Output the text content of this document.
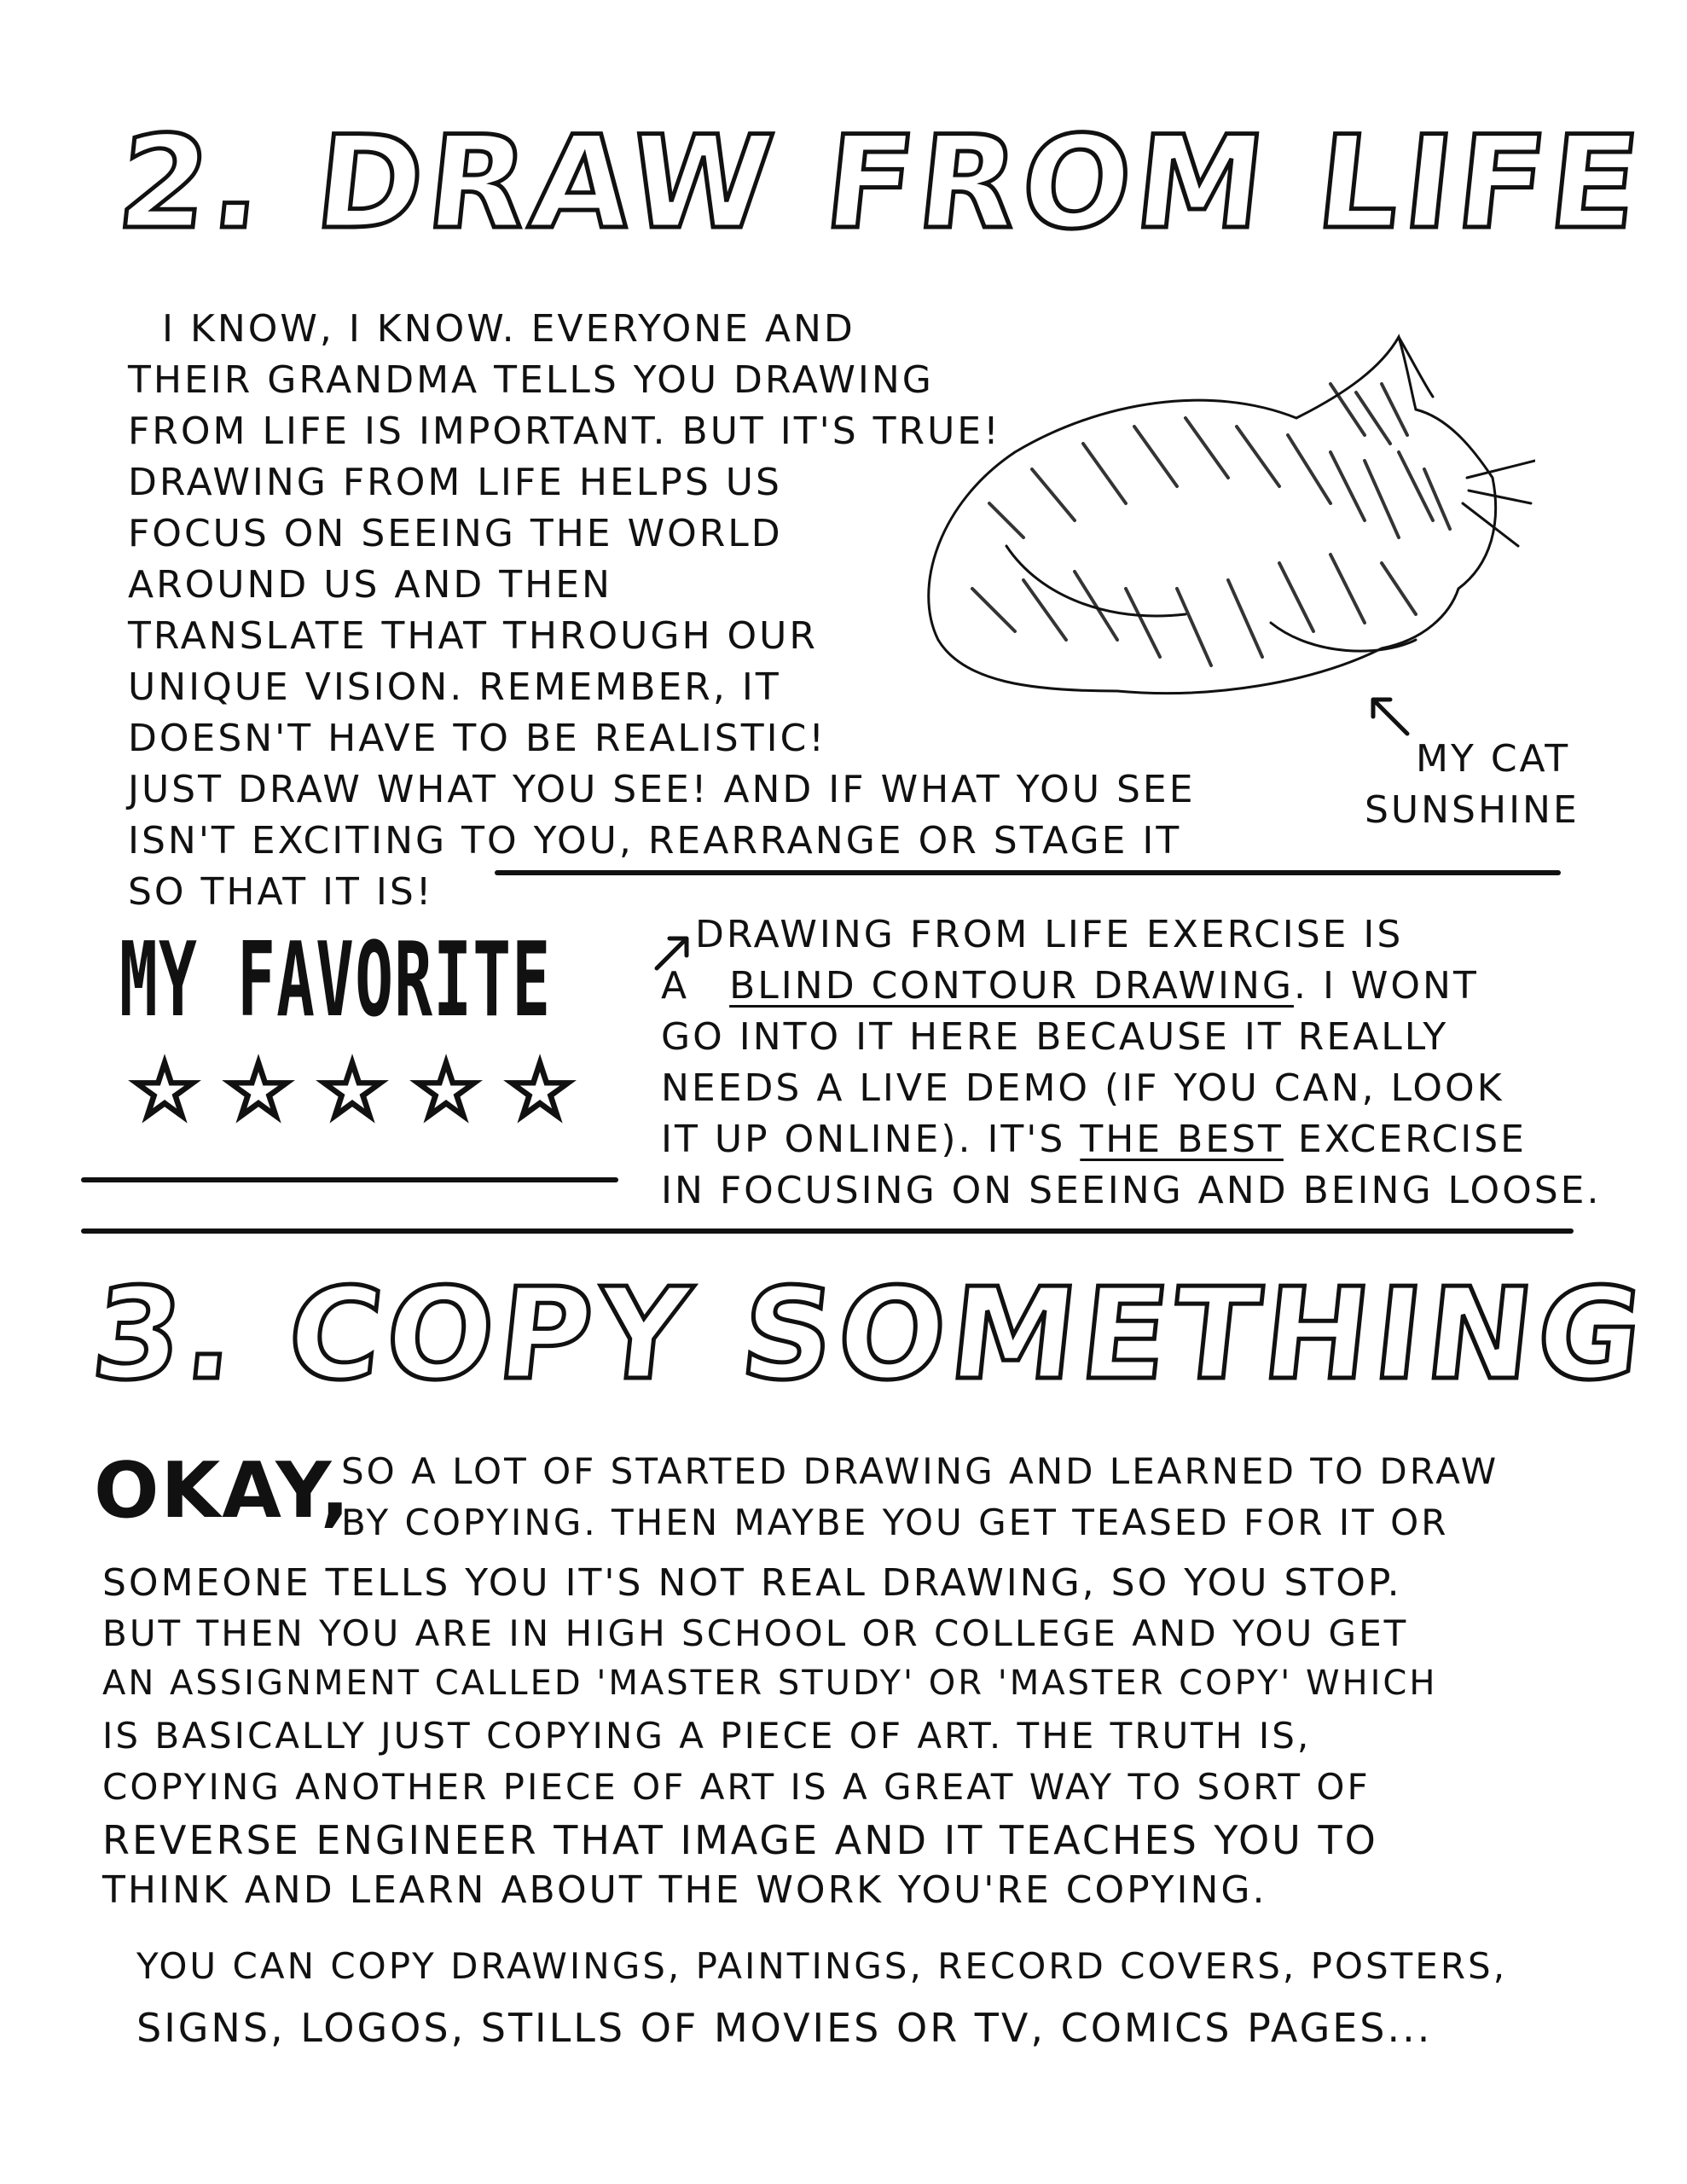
2. DRAW FROM LIFE
I KNOW, I KNOW. EVERYONE AND
THEIR GRANDMA TELLS YOU DRAWING
FROM LIFE IS IMPORTANT. BUT IT'S TRUE!
DRAWING FROM LIFE HELPS US
FOCUS ON SEEING THE WORLD
AROUND US AND THEN
TRANSLATE THAT THROUGH OUR
UNIQUE VISION. REMEMBER, IT
DOESN'T HAVE TO BE REALISTIC!
JUST DRAW WHAT YOU SEE! AND IF WHAT YOU SEE
ISN'T EXCITING TO YOU, REARRANGE OR STAGE IT
SO THAT IT IS!
MY CAT
SUNSHINE
MY FAVORITE
☆ ☆ ☆ ☆ ☆
DRAWING FROM LIFE EXERCISE IS
A BLIND CONTOUR DRAWING. I WONT
GO INTO IT HERE BECAUSE IT REALLY
NEEDS A LIVE DEMO (IF YOU CAN, LOOK
IT UP ONLINE). IT'S THE BEST EXCERCISE
IN FOCUSING ON SEEING AND BEING LOOSE.
3. COPY SOMETHING
OKAY,
SO A LOT OF STARTED DRAWING AND LEARNED TO DRAW
BY COPYING. THEN MAYBE YOU GET TEASED FOR IT OR
SOMEONE TELLS YOU IT'S NOT REAL DRAWING, SO YOU STOP.
BUT THEN YOU ARE IN HIGH SCHOOL OR COLLEGE AND YOU GET
AN ASSIGNMENT CALLED 'MASTER STUDY' OR 'MASTER COPY' WHICH
IS BASICALLY JUST COPYING A PIECE OF ART. THE TRUTH IS,
COPYING ANOTHER PIECE OF ART IS A GREAT WAY TO SORT OF
REVERSE ENGINEER THAT IMAGE AND IT TEACHES YOU TO
THINK AND LEARN ABOUT THE WORK YOU'RE COPYING.
YOU CAN COPY DRAWINGS, PAINTINGS, RECORD COVERS, POSTERS,
SIGNS, LOGOS, STILLS OF MOVIES OR TV, COMICS PAGES...
